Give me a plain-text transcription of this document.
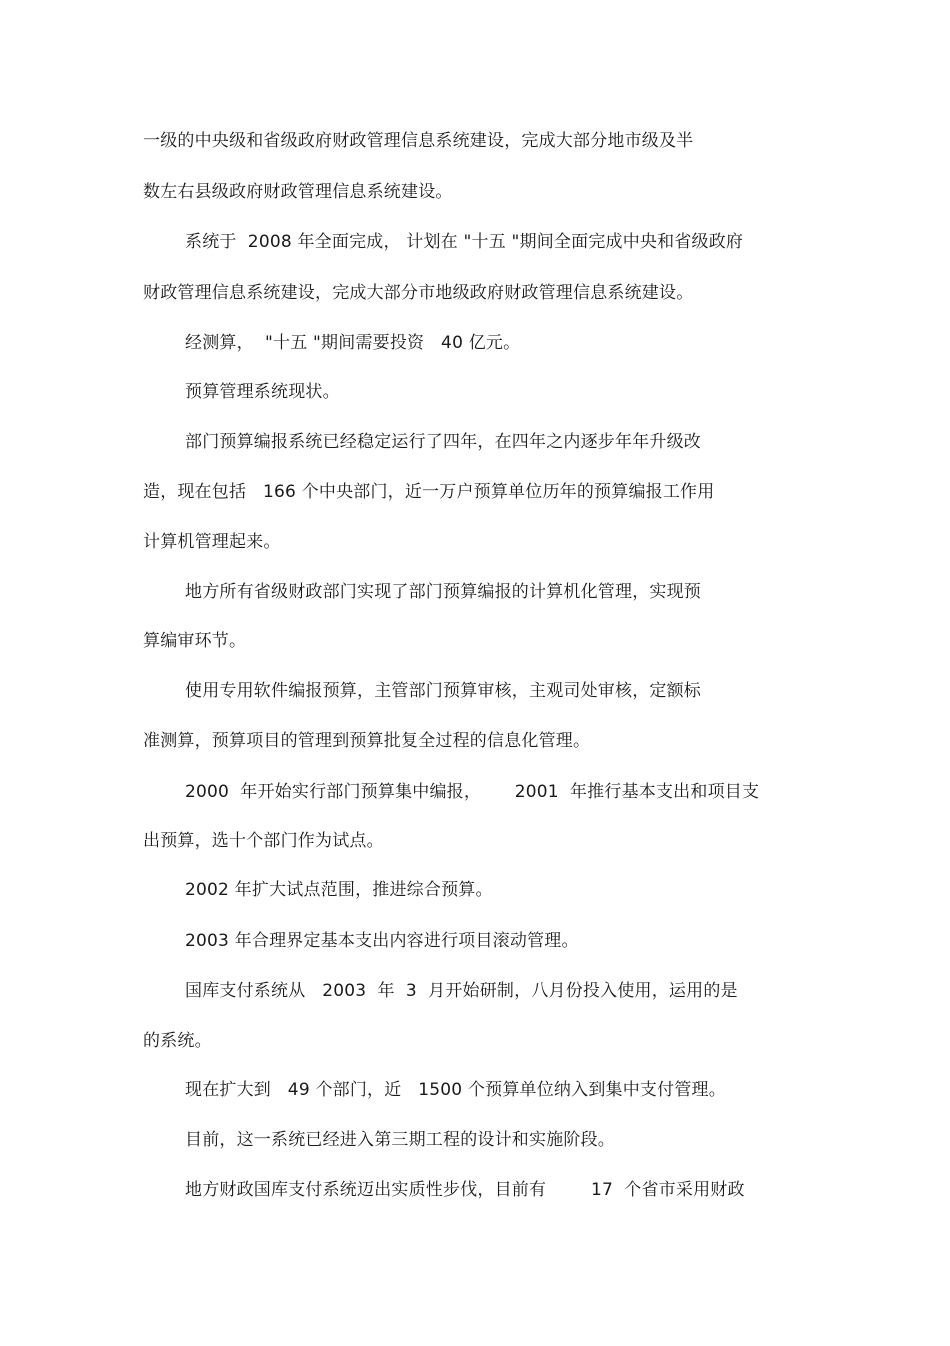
一级的中央级和省级政府财政管理信息系统建设，完成大部分地市级及半
数左右县级政府财政管理信息系统建设。
系统于  2008 年全面完成， 计划在 "十五 "期间全面完成中央和省级政府
财政管理信息系统建设，完成大部分市地级政府财政管理信息系统建设。
经测算，  "十五 "期间需要投资   40 亿元。
预算管理系统现状。
部门预算编报系统已经稳定运行了四年，在四年之内逐步年年升级改
造，现在包括   166 个中央部门，近一万户预算单位历年的预算编报工作用
计算机管理起来。
地方所有省级财政部门实现了部门预算编报的计算机化管理，实现预
算编审环节。
使用专用软件编报预算，主管部门预算审核，主观司处审核，定额标
准测算，预算项目的管理到预算批复全过程的信息化管理。
2000  年开始实行部门预算集中编报，      2001  年推行基本支出和项目支
出预算，选十个部门作为试点。
2002 年扩大试点范围，推进综合预算。
2003 年合理界定基本支出内容进行项目滚动管理。
国库支付系统从   2003  年  3  月开始研制，八月份投入使用，运用的是
的系统。
现在扩大到   49 个部门，近   1500 个预算单位纳入到集中支付管理。
目前，这一系统已经进入第三期工程的设计和实施阶段。
地方财政国库支付系统迈出实质性步伐，目前有        17  个省市采用财政
